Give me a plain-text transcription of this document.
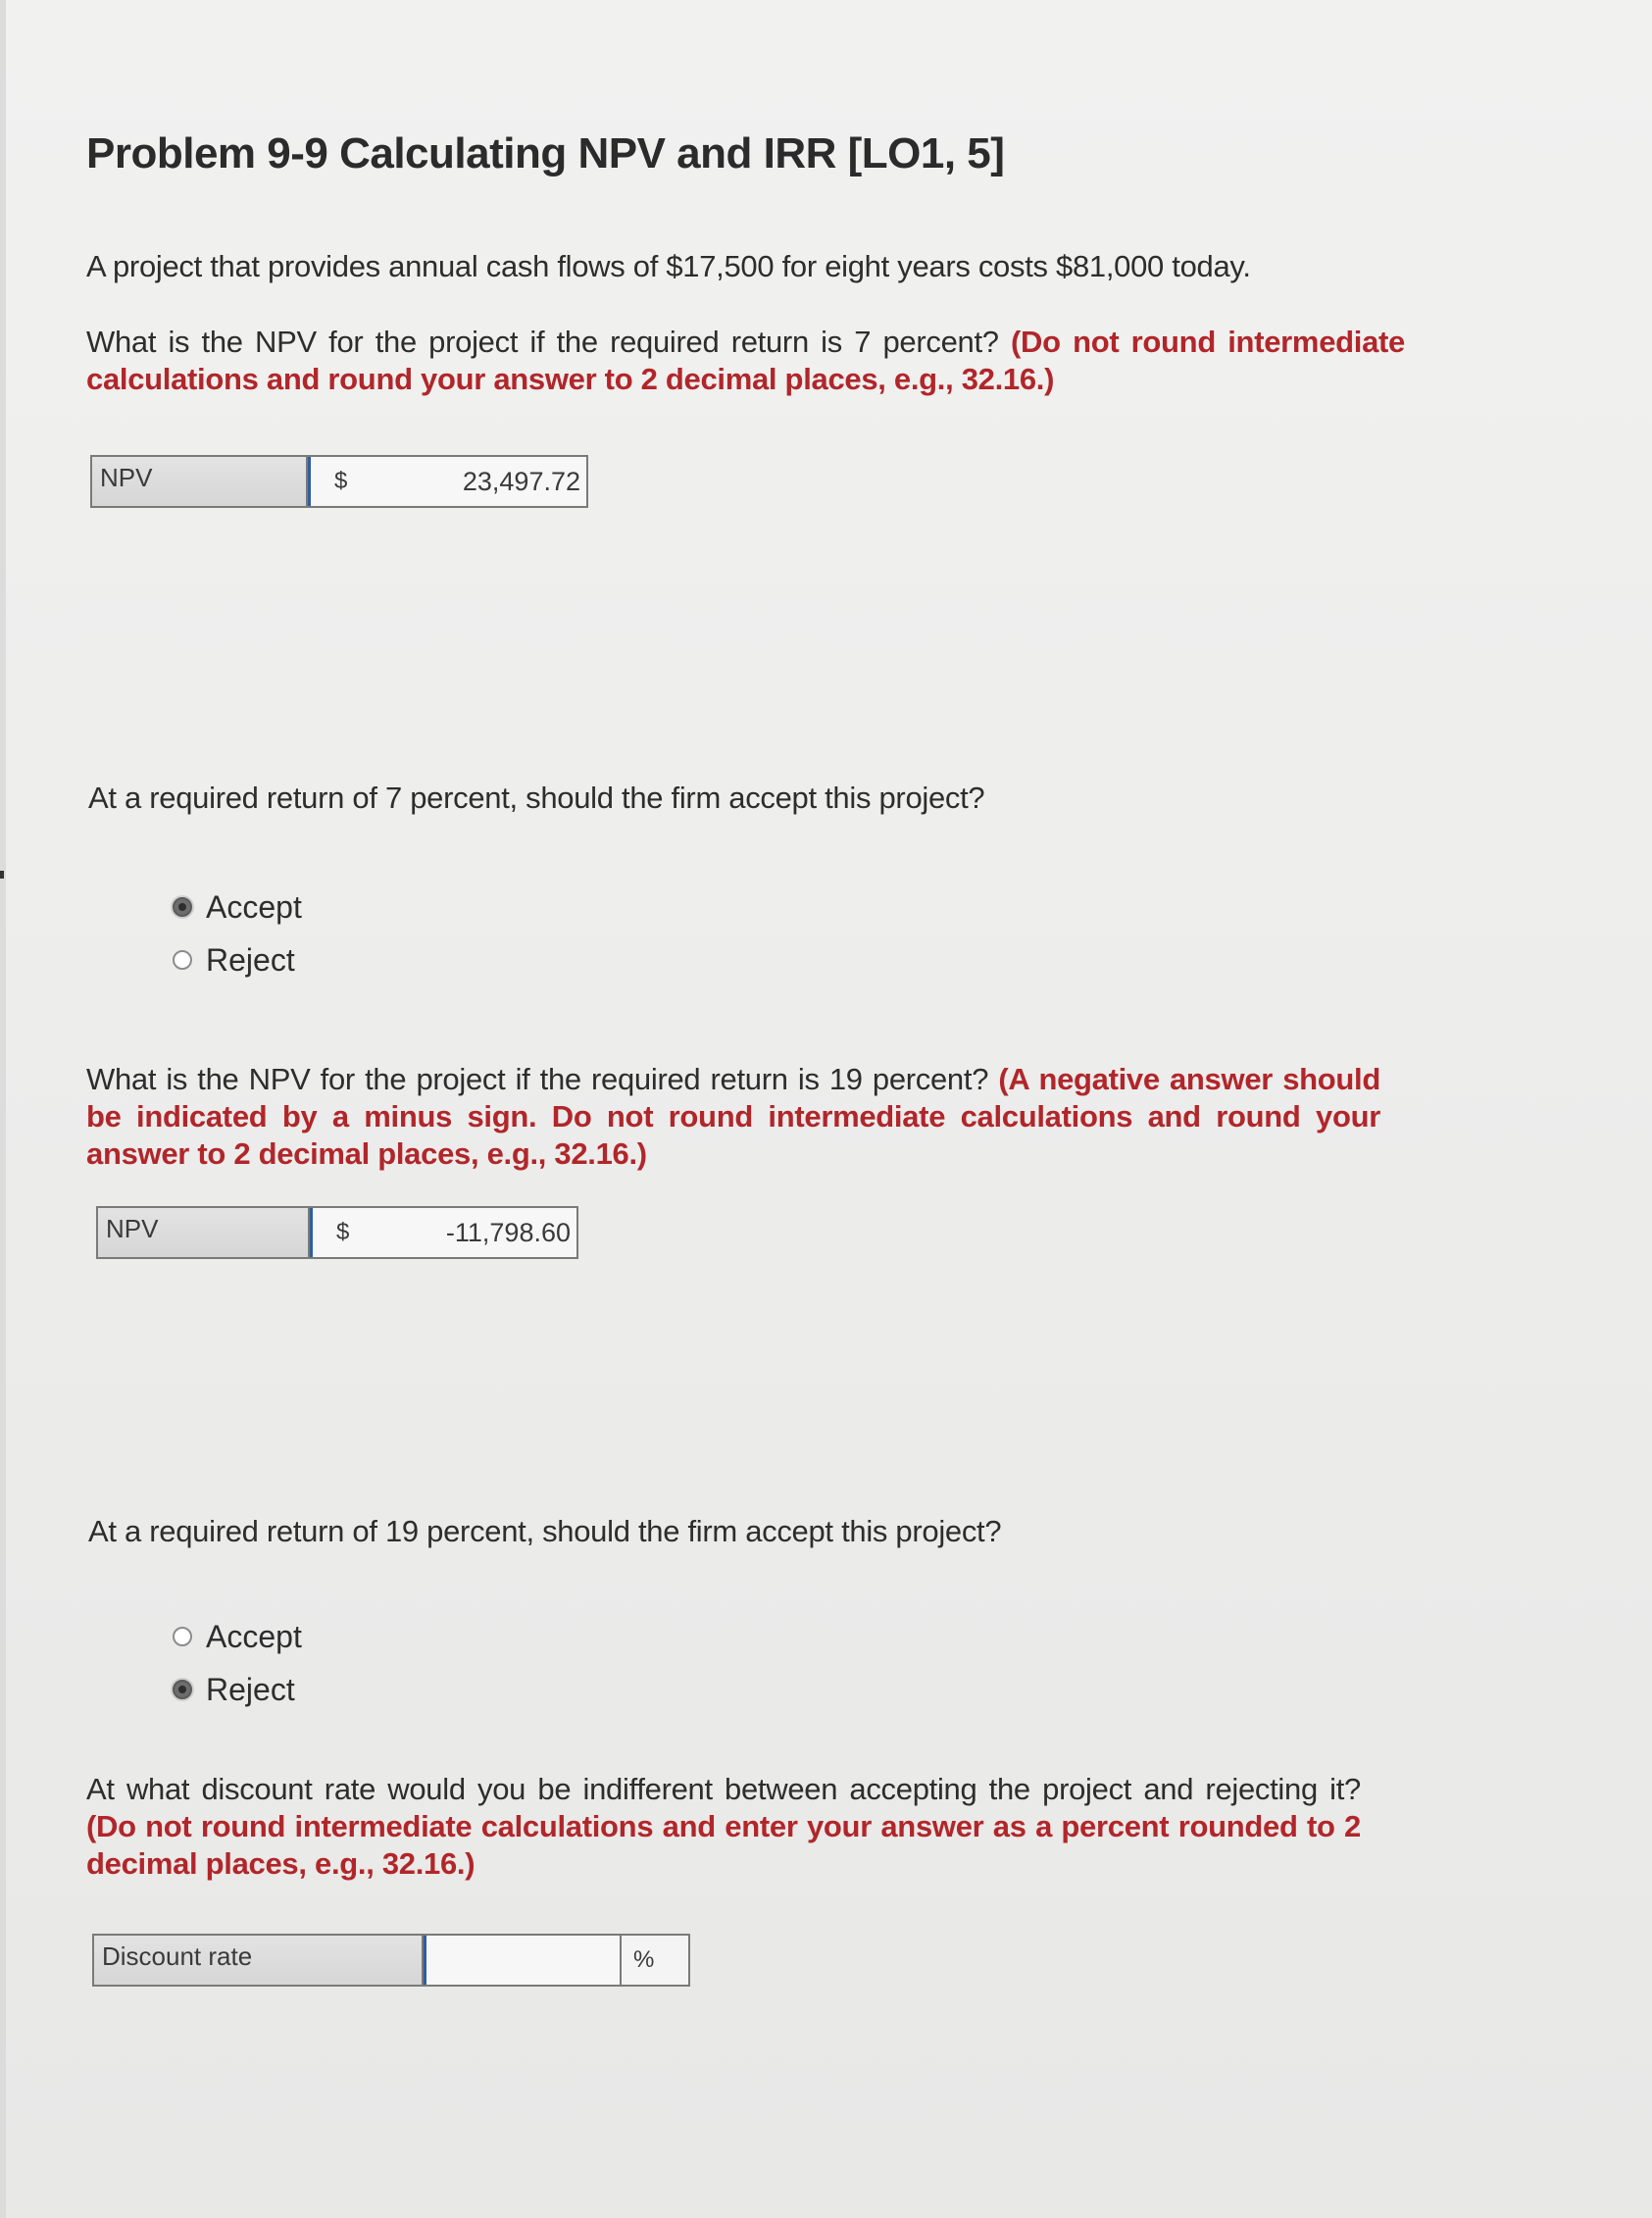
Problem 9-9 Calculating NPV and IRR [LO1, 5]
A project that provides annual cash flows of $17,500 for eight years costs $81,000 today.
What is the NPV for the project if the required return is 7 percent? (Do not round intermediate calculations and round your answer to 2 decimal places, e.g., 32.16.)
NPV	$	23,497.72
At a required return of 7 percent, should the firm accept this project?
Accept
Reject
What is the NPV for the project if the required return is 19 percent? (A negative answer should be indicated by a minus sign. Do not round intermediate calculations and round your answer to 2 decimal places, e.g., 32.16.)
NPV	$	-11,798.60
At a required return of 19 percent, should the firm accept this project?
Accept
Reject
At what discount rate would you be indifferent between accepting the project and rejecting it? (Do not round intermediate calculations and enter your answer as a percent rounded to 2 decimal places, e.g., 32.16.)
Discount rate	%
